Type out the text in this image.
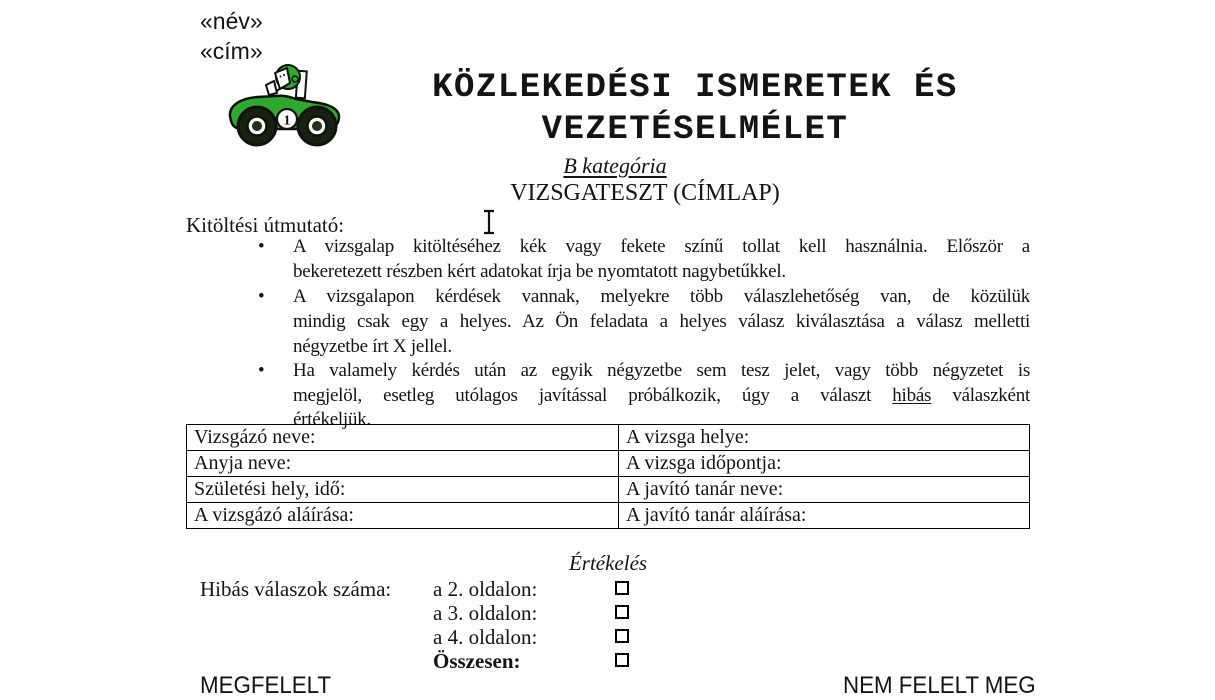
«név»
«cím»
1
KÖZLEKEDÉSI ISMERETEK ÉS
VEZETÉSELMÉLET
B kategória
VIZSGATESZT (CÍMLAP)
Kitöltési útmutató:
• A vizsgalap kitöltéséhez kék vagy fekete színű tollat kell használnia. Először a
bekeretezett részben kért adatokat írja be nyomtatott nagybetűkkel.
• A vizsgalapon kérdések vannak, melyekre több válaszlehetőség van, de közülük
mindig csak egy a helyes. Az Ön feladata a helyes válasz kiválasztása a válasz melletti
négyzetbe írt X jellel.
• Ha valamely kérdés után az egyik négyzetbe sem tesz jelet, vagy több négyzetet is
megjelöl, esetleg utólagos javítással próbálkozik, úgy a választ hibás válaszként
értékeljük.
Vizsgázó neve:	A vizsga helye:
Anyja neve:	A vizsga időpontja:
Születési hely, idő:	A javító tanár neve:
A vizsgázó aláírása:	A javító tanár aláírása:
Értékelés
Hibás válaszok száma: a 2. oldalon:
a 3. oldalon:
a 4. oldalon:
Összesen:
MEGFELELT	NEM FELELT MEG
